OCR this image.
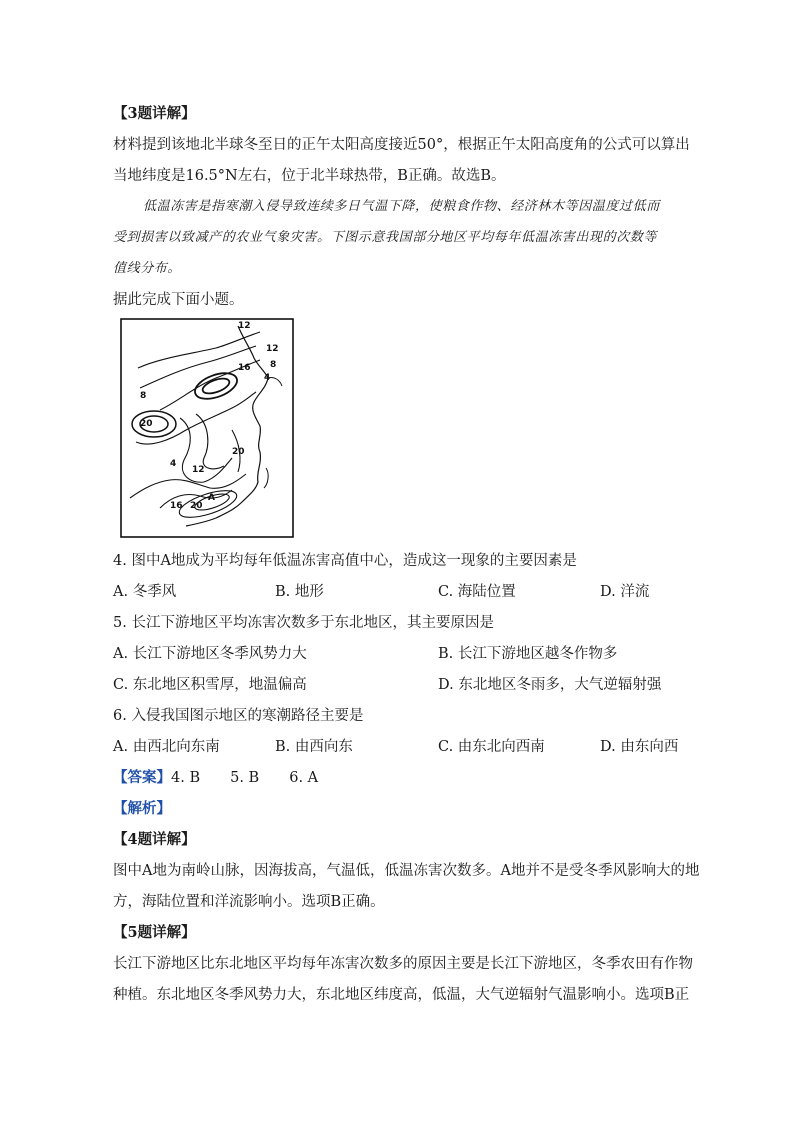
【3题详解】
材料提到该地北半球冬至日的正午太阳高度接近50°，根据正午太阳高度角的公式可以算出
当地纬度是16.5°N左右，位于北半球热带，B正确。故选B。
低温冻害是指寒潮入侵导致连续多日气温下降，使粮食作物、经济林木等因温度过低而
受到损害以致减产的农业气象灾害。下图示意我国部分地区平均每年低温冻害出现的次数等
值线分布。
据此完成下面小题。
12
12
8
16
4
8
20
20
4
12
16 20
A
4. 图中A地成为平均每年低温冻害高值中心，造成这一现象的主要因素是
A. 冬季风	B. 地形	C. 海陆位置	D. 洋流
5. 长江下游地区平均冻害次数多于东北地区，其主要原因是
A. 长江下游地区冬季风势力大	B. 长江下游地区越冬作物多
C. 东北地区积雪厚，地温偏高	D. 东北地区冬雨多，大气逆辐射强
6. 入侵我国图示地区的寒潮路径主要是
A. 由西北向东南	B. 由西向东	C. 由东北向西南	D. 由东向西
【答案】4. B 5. B 6. A
【解析】
【4题详解】
图中A地为南岭山脉，因海拔高，气温低，低温冻害次数多。A地并不是受冬季风影响大的地
方，海陆位置和洋流影响小。选项B正确。
【5题详解】
长江下游地区比东北地区平均每年冻害次数多的原因主要是长江下游地区，冬季农田有作物
种植。东北地区冬季风势力大，东北地区纬度高，低温，大气逆辐射气温影响小。选项B正
